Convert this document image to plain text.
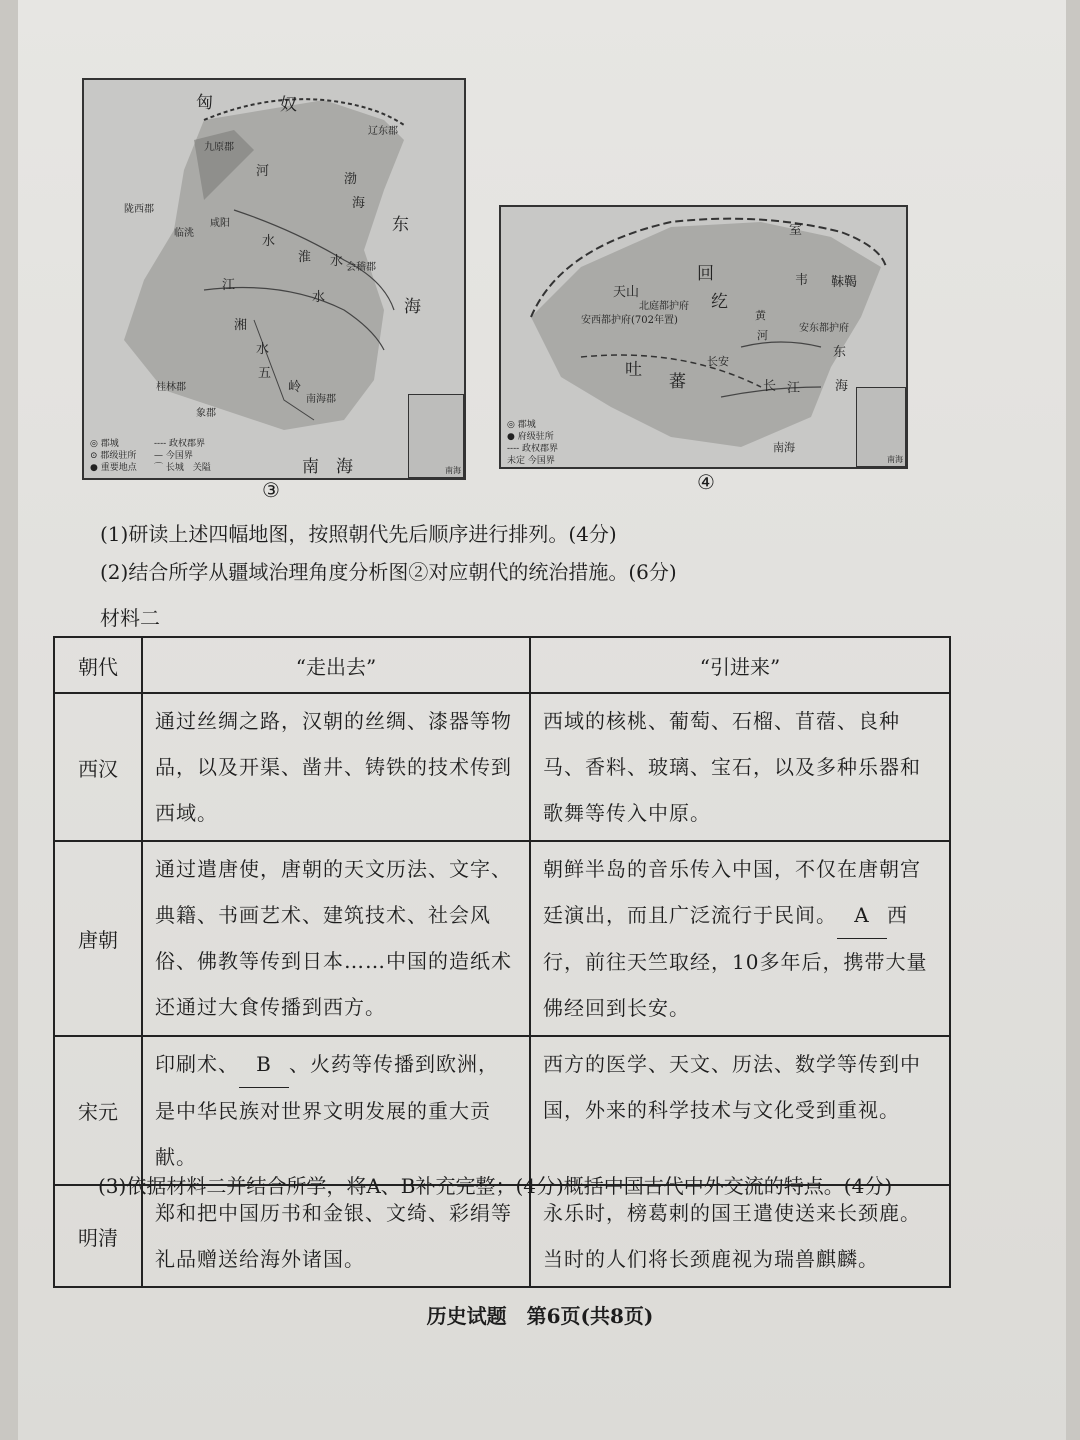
匈	奴
辽东郡
九原郡
渤
海
河
陇西郡
咸阳
临洮
水
东
淮 水
江
会稽郡
水	海
湘
水
五
岭
桂林郡
象郡
南海郡
南　海
◎ 郡城
⊙ 郡级驻所
● 重要地点
---- 政权郡界
— 今国界
⌒ 长城　关隘	南海
③
天山
北庭都护府
安西都护府(702年置)
回
纥
室
韦 靺鞨
安东都护府
黄
河
长安
吐
蕃	长 江
东
海
南海
◎ 郡城
● 府级驻所
---- 政权郡界
未定 今国界	南海
④
(1)研读上述四幅地图，按照朝代先后顺序进行排列。(4分)
(2)结合所学从疆域治理角度分析图②对应朝代的统治措施。(6分)
材料二
朝代	“走出去”	“引进来”
西汉	通过丝绸之路，汉朝的丝绸、漆器等物品，以及开渠、凿井、铸铁的技术传到西域。	西域的核桃、葡萄、石榴、苜蓿、良种马、香料、玻璃、宝石，以及多种乐器和歌舞等传入中原。
唐朝	通过遣唐使，唐朝的天文历法、文字、典籍、书画艺术、建筑技术、社会风俗、佛教等传到日本……中国的造纸术还通过大食传播到西方。	朝鲜半岛的音乐传入中国，不仅在唐朝宫廷演出，而且广泛流行于民间。 A 西行，前往天竺取经，10多年后，携带大量佛经回到长安。
宋元	印刷术、 B 、火药等传播到欧洲，是中华民族对世界文明发展的重大贡献。	西方的医学、天文、历法、数学等传到中国，外来的科学技术与文化受到重视。
明清	郑和把中国历书和金银、文绮、彩绢等礼品赠送给海外诸国。	永乐时，榜葛剌的国王遣使送来长颈鹿。当时的人们将长颈鹿视为瑞兽麒麟。
(3)依据材料二并结合所学，将A、B补充完整；(4分)概括中国古代中外交流的特点。(4分)
历史试题　第6页(共8页)
